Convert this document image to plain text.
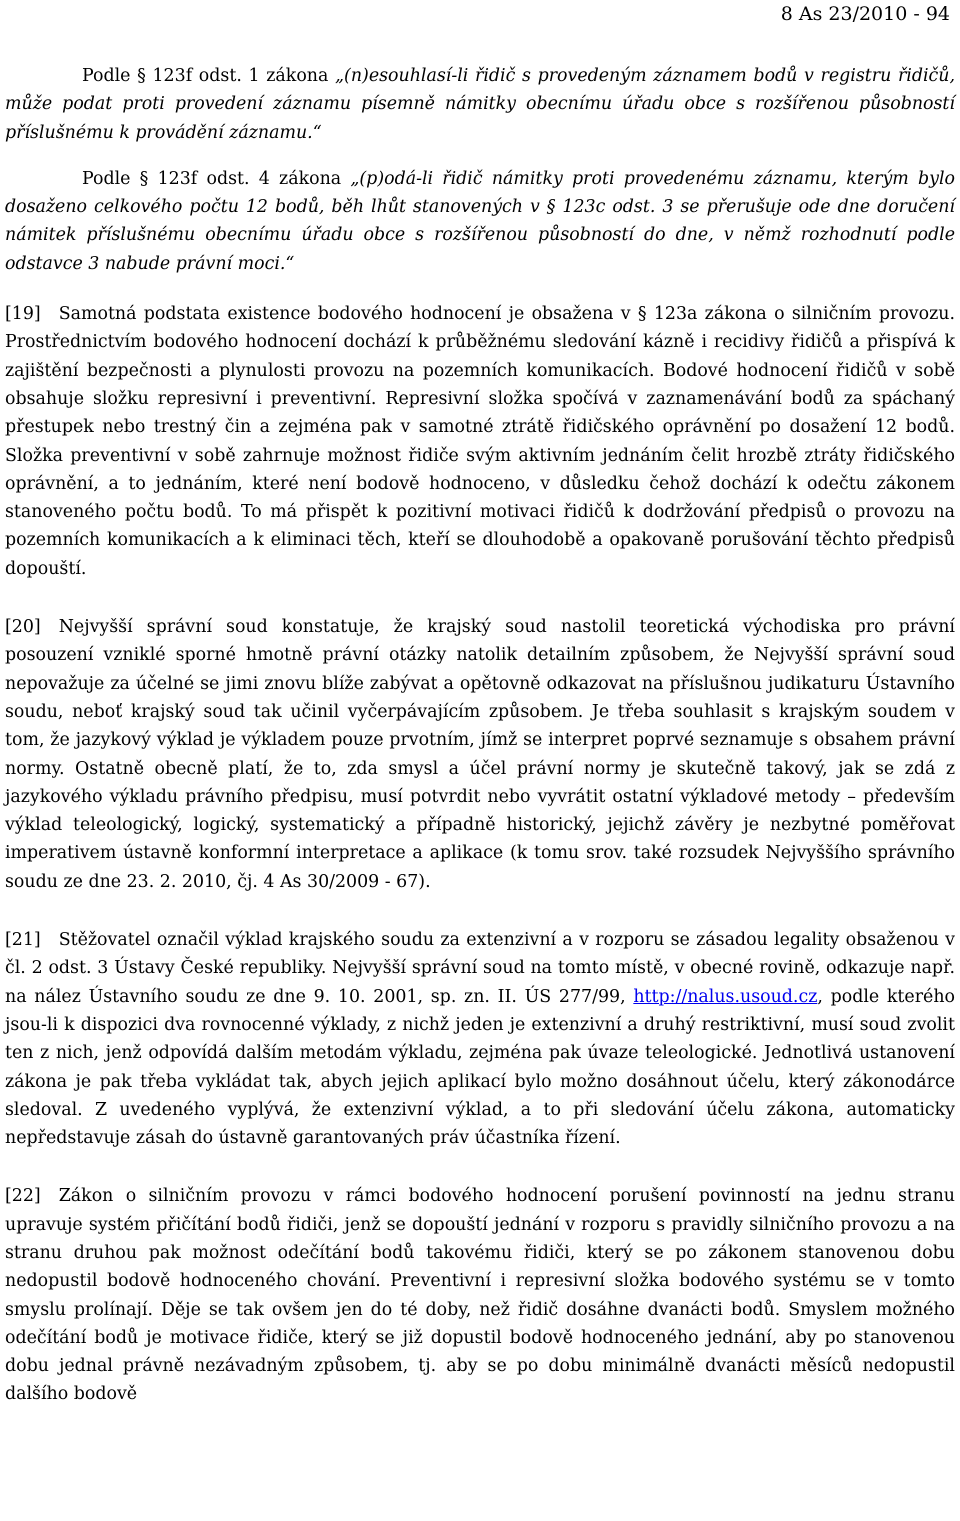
8 As 23/2010 - 94

Podle § 123f odst. 1 zákona „(n)esouhlasí-li řidič s provedeným záznamem bodů v registru řidičů, může podat proti provedení záznamu písemně námitky obecnímu úřadu obce s rozšířenou působností příslušnému k provádění záznamu.“

Podle § 123f odst. 4 zákona „(p)odá-li řidič námitky proti provedenému záznamu, kterým bylo dosaženo celkového počtu 12 bodů, běh lhůt stanovených v § 123c odst. 3 se přerušuje ode dne doručení námitek příslušnému obecnímu úřadu obce s rozšířenou působností do dne, v němž rozhodnutí podle odstavce 3 nabude právní moci.“

[19] Samotná podstata existence bodového hodnocení je obsažena v § 123a zákona o silničním provozu. Prostřednictvím bodového hodnocení dochází k průběžnému sledování kázně i recidivy řidičů a přispívá k zajištění bezpečnosti a plynulosti provozu na pozemních komunikacích. Bodové hodnocení řidičů v sobě obsahuje složku represivní i preventivní. Represivní složka spočívá v zaznamenávání bodů za spáchaný přestupek nebo trestný čin a zejména pak v samotné ztrátě řidičského oprávnění po dosažení 12 bodů. Složka preventivní v sobě zahrnuje možnost řidiče svým aktivním jednáním čelit hrozbě ztráty řidičského oprávnění, a to jednáním, které není bodově hodnoceno, v důsledku čehož dochází k odečtu zákonem stanoveného počtu bodů. To má přispět k pozitivní motivaci řidičů k dodržování předpisů o provozu na pozemních komunikacích a k eliminaci těch, kteří se dlouhodobě a opakovaně porušování těchto předpisů dopouští.

[20] Nejvyšší správní soud konstatuje, že krajský soud nastolil teoretická východiska pro právní posouzení vzniklé sporné hmotně právní otázky natolik detailním způsobem, že Nejvyšší správní soud nepovažuje za účelné se jimi znovu blíže zabývat a opětovně odkazovat na příslušnou judikaturu Ústavního soudu, neboť krajský soud tak učinil vyčerpávajícím způsobem. Je třeba souhlasit s krajským soudem v tom, že jazykový výklad je výkladem pouze prvotním, jímž se interpret poprvé seznamuje s obsahem právní normy. Ostatně obecně platí, že to, zda smysl a účel právní normy je skutečně takový, jak se zdá z jazykového výkladu právního předpisu, musí potvrdit nebo vyvrátit ostatní výkladové metody – především výklad teleologický, logický, systematický a případně historický, jejichž závěry je nezbytné poměřovat imperativem ústavně konformní interpretace a aplikace (k tomu srov. také rozsudek Nejvyššího správního soudu ze dne 23. 2. 2010, čj. 4 As 30/2009 - 67).

[21] Stěžovatel označil výklad krajského soudu za extenzivní a v rozporu se zásadou legality obsaženou v čl. 2 odst. 3 Ústavy České republiky. Nejvyšší správní soud na tomto místě, v obecné rovině, odkazuje např. na nález Ústavního soudu ze dne 9. 10. 2001, sp. zn. II. ÚS 277/99, http://nalus.usoud.cz, podle kterého jsou-li k dispozici dva rovnocenné výklady, z nichž jeden je extenzivní a druhý restriktivní, musí soud zvolit ten z nich, jenž odpovídá dalším metodám výkladu, zejména pak úvaze teleologické. Jednotlivá ustanovení zákona je pak třeba vykládat tak, abych jejich aplikací bylo možno dosáhnout účelu, který zákonodárce sledoval. Z uvedeného vyplývá, že extenzivní výklad, a to při sledování účelu zákona, automaticky nepředstavuje zásah do ústavně garantovaných práv účastníka řízení.

[22] Zákon o silničním provozu v rámci bodového hodnocení porušení povinností na jednu stranu upravuje systém přičítání bodů řidiči, jenž se dopouští jednání v rozporu s pravidly silničního provozu a na stranu druhou pak možnost odečítání bodů takovému řidiči, který se po zákonem stanovenou dobu nedopustil bodově hodnoceného chování. Preventivní i represivní složka bodového systému se v tomto smyslu prolínají. Děje se tak ovšem jen do té doby, než řidič dosáhne dvanácti bodů. Smyslem možného odečítání bodů je motivace řidiče, který se již dopustil bodově hodnoceného jednání, aby po stanovenou dobu jednal právně nezávadným způsobem, tj. aby se po dobu minimálně dvanácti měsíců nedopustil dalšího bodově
